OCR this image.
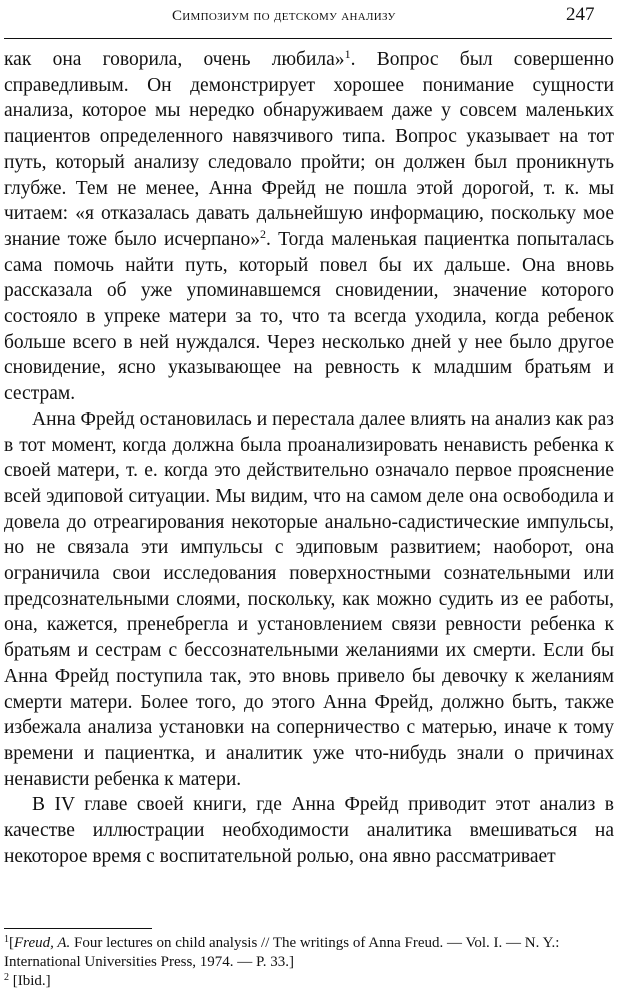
Симпозиум по детскому анализу	247

как она говорила, очень любила»$^1$. Вопрос был совершенно справедливым. Он демонстрирует хорошее понимание сущности анализа, которое мы нередко обнаруживаем даже у совсем маленьких пациентов определенного навязчивого типа. Вопрос указывает на тот путь, который анализу следовало пройти; он должен был проникнуть глубже. Тем не менее, Анна Фрейд не пошла этой дорогой, т. к. мы читаем: «я отказалась давать дальнейшую информацию, поскольку мое знание тоже было исчерпано»$^2$. Тогда маленькая пациентка попыталась сама помочь найти путь, который повел бы их дальше. Она вновь рассказала об уже упоминавшемся сновидении, значение которого состояло в упреке матери за то, что та всегда уходила, когда ребенок больше всего в ней нуждался. Через несколько дней у нее было другое сновидение, ясно указывающее на ревность к младшим братьям и сестрам.

Анна Фрейд остановилась и перестала далее влиять на анализ как раз в тот момент, когда должна была проанализировать ненависть ребенка к своей матери, т. е. когда это действительно означало первое прояснение всей эдиповой ситуации. Мы видим, что на самом деле она освободила и довела до отреагирования некоторые анально-садистические импульсы, но не связала эти импульсы с эдиповым развитием; наоборот, она ограничила свои исследования поверхностными сознательными или предсознательными слоями, поскольку, как можно судить из ее работы, она, кажется, пренебрегла и установлением связи ревности ребенка к братьям и сестрам с бессознательными желаниями их смерти. Если бы Анна Фрейд поступила так, это вновь привело бы девочку к желаниям смерти матери. Более того, до этого Анна Фрейд, должно быть, также избежала анализа установки на соперничество с матерью, иначе к тому времени и пациентка, и аналитик уже что-нибудь знали о причинах ненависти ребенка к матери.

В IV главе своей книги, где Анна Фрейд приводит этот анализ в качестве иллюстрации необходимости аналитика вмешиваться на некоторое время с воспитательной ролью, она явно рассматривает

$^1$[Freud, A. Four lectures on child analysis // The writings of Anna Freud. — Vol. I. — N. Y.: International Universities Press, 1974. — P. 33.]

$^2$ [Ibid.]
